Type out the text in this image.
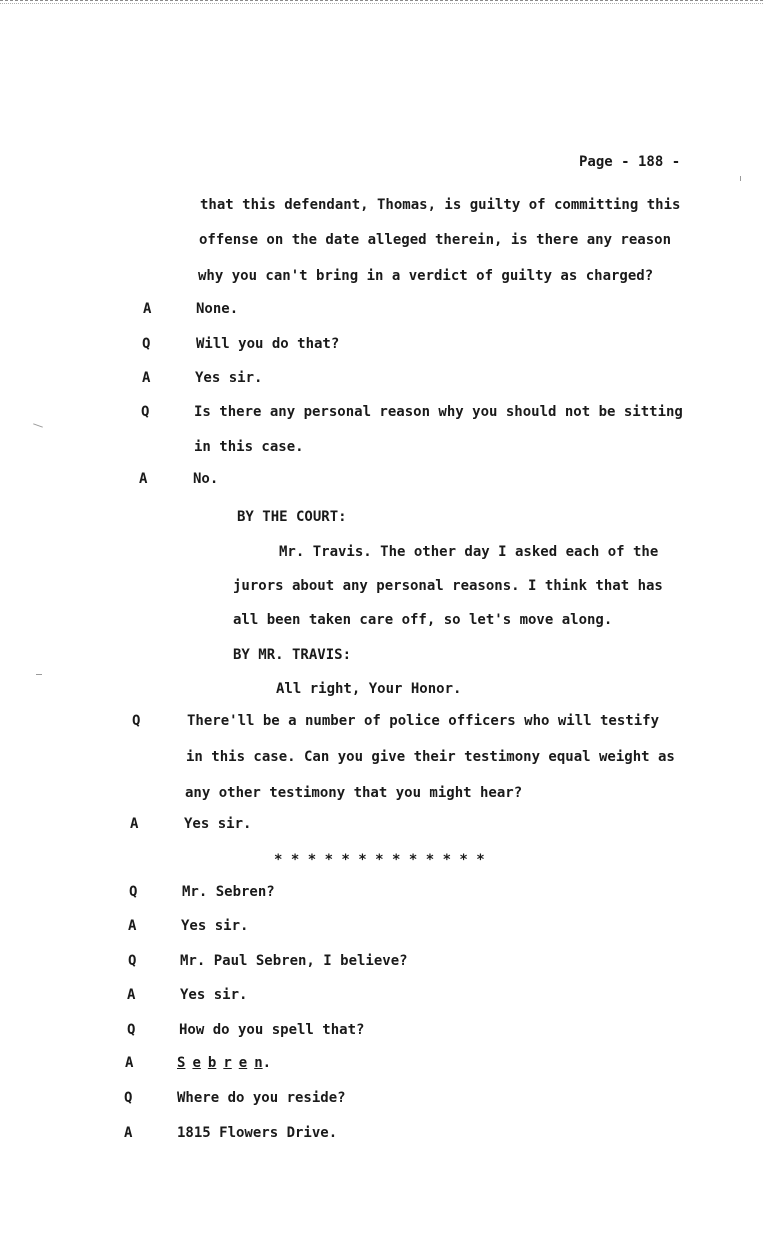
Page - 188 -
that this defendant, Thomas, is guilty of committing this
offense on the date alleged therein, is there any reason
why you can't bring in a verdict of guilty as charged?
A	None.
Q	Will you do that?
A	Yes sir.
Q	Is there any personal reason why you should not be sitting
in this case.
A	No.
BY THE COURT:
Mr. Travis. The other day I asked each of the
jurors about any personal reasons. I think that has
all been taken care off, so let's move along.
BY MR. TRAVIS:
All right, Your Honor.
Q	There'll be a number of police officers who will testify
in this case. Can you give their testimony equal weight as
any other testimony that you might hear?
A	Yes sir.
* * * * * * * * * * * * *
Q	Mr. Sebren?
A	Yes sir.
Q	Mr. Paul Sebren, I believe?
A	Yes sir.
Q	How do you spell that?
A	S e b r e n.
Q	Where do you reside?
A	1815 Flowers Drive.
